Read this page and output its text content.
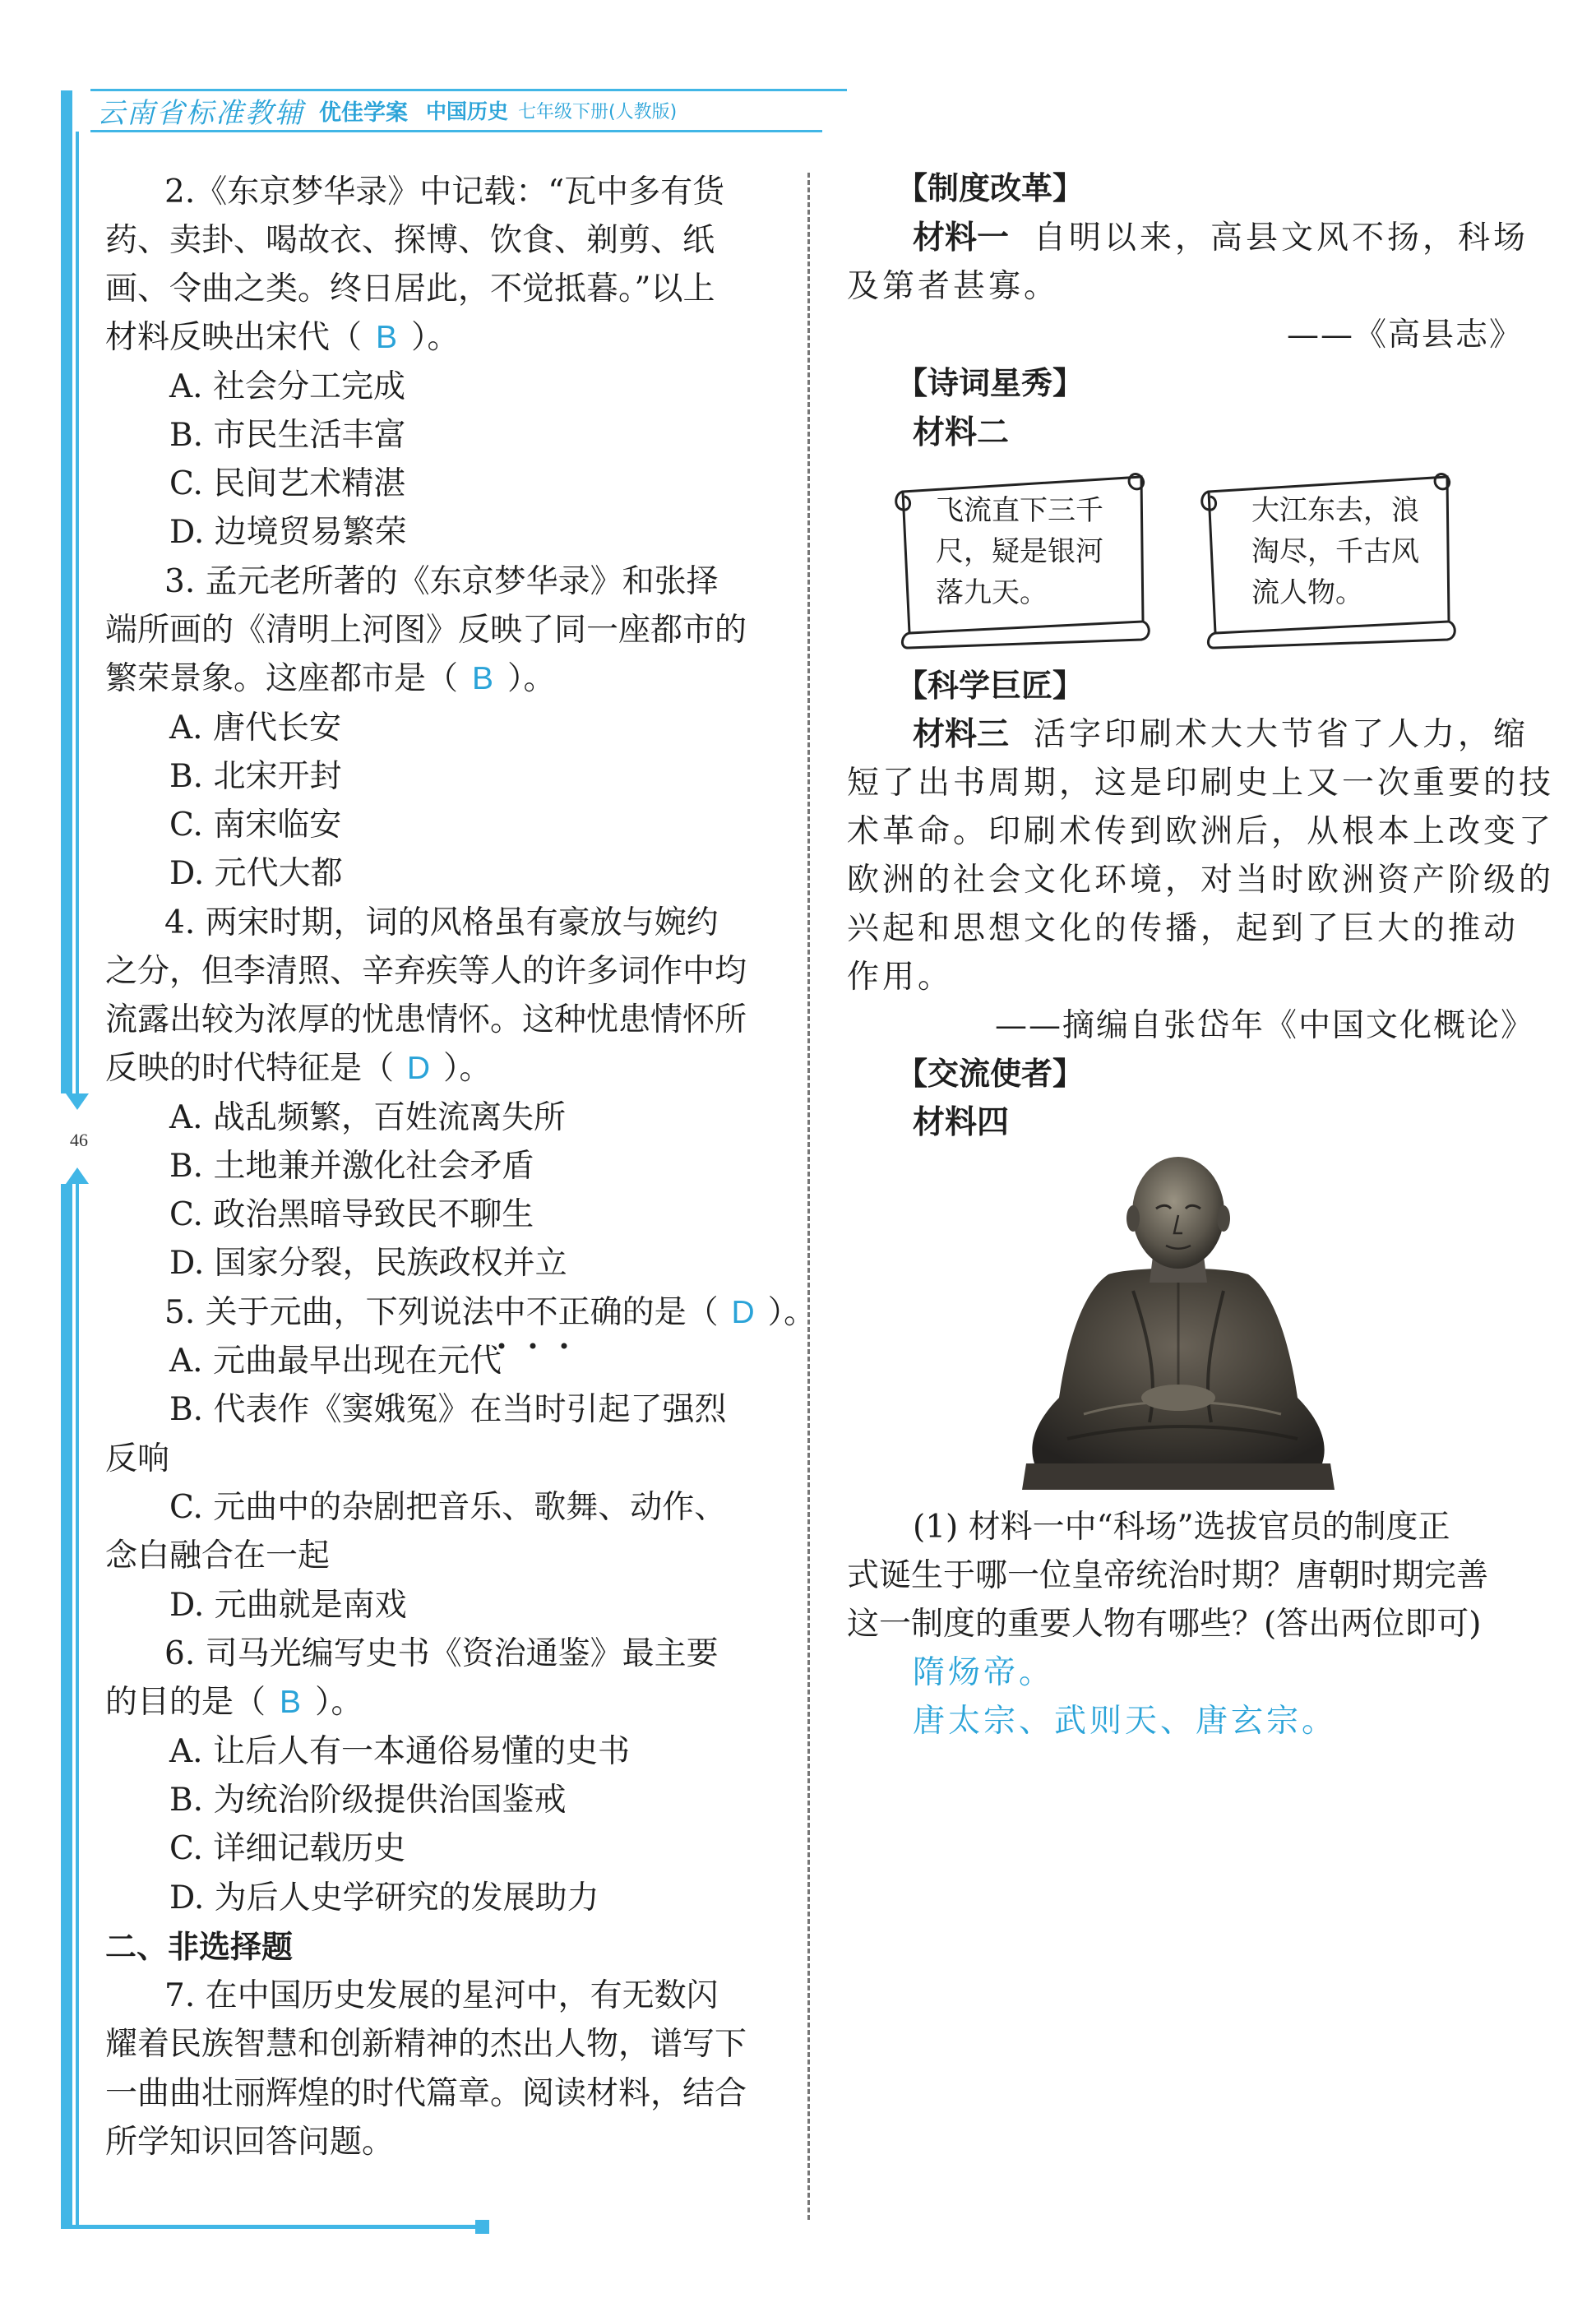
46
云南省标准教辅 优佳学案 中国历史 七年级下册(人教版)
2.《东京梦华录》中记载：“瓦中多有货
药、卖卦、喝故衣、探博、饮食、剃剪、纸
画、令曲之类。终日居此，不觉抵暮。”以上
材料反映出宋代（ B ）。
A. 社会分工完成
B. 市民生活丰富
C. 民间艺术精湛
D. 边境贸易繁荣
3. 孟元老所著的《东京梦华录》和张择
端所画的《清明上河图》反映了同一座都市的
繁荣景象。这座都市是（ B ）。
A. 唐代长安
B. 北宋开封
C. 南宋临安
D. 元代大都
4. 两宋时期，词的风格虽有豪放与婉约
之分，但李清照、辛弃疾等人的许多词作中均
流露出较为浓厚的忧患情怀。这种忧患情怀所
反映的时代特征是（ D ）。
A. 战乱频繁，百姓流离失所
B. 土地兼并激化社会矛盾
C. 政治黑暗导致民不聊生
D. 国家分裂，民族政权并立
5. 关于元曲，下列说法中不正确的是（ D ）。
A. 元曲最早出现在元代
B. 代表作《窦娥冤》在当时引起了强烈
反响
C. 元曲中的杂剧把音乐、歌舞、动作、
念白融合在一起
D. 元曲就是南戏
6. 司马光编写史书《资治通鉴》最主要
的目的是（ B ）。
A. 让后人有一本通俗易懂的史书
B. 为统治阶级提供治国鉴戒
C. 详细记载历史
D. 为后人史学研究的发展助力
二、非选择题
7. 在中国历史发展的星河中，有无数闪
耀着民族智慧和创新精神的杰出人物，谱写下
一曲曲壮丽辉煌的时代篇章。阅读材料，结合
所学知识回答问题。
【制度改革】
材料一 自明以来，高县文风不扬，科场
及第者甚寡。
——《高县志》
【诗词星秀】
材料二
飞流直下三千
尺，疑是银河
落九天。
大江东去，浪
淘尽，千古风
流人物。
【科学巨匠】
材料三 活字印刷术大大节省了人力，缩
短了出书周期，这是印刷史上又一次重要的技
术革命。印刷术传到欧洲后，从根本上改变了
欧洲的社会文化环境，对当时欧洲资产阶级的
兴起和思想文化的传播，起到了巨大的推动
作用。
——摘编自张岱年《中国文化概论》
【交流使者】
材料四
(1) 材料一中“科场”选拔官员的制度正
式诞生于哪一位皇帝统治时期？唐朝时期完善
这一制度的重要人物有哪些？(答出两位即可)
隋炀帝。
唐太宗、武则天、唐玄宗。
